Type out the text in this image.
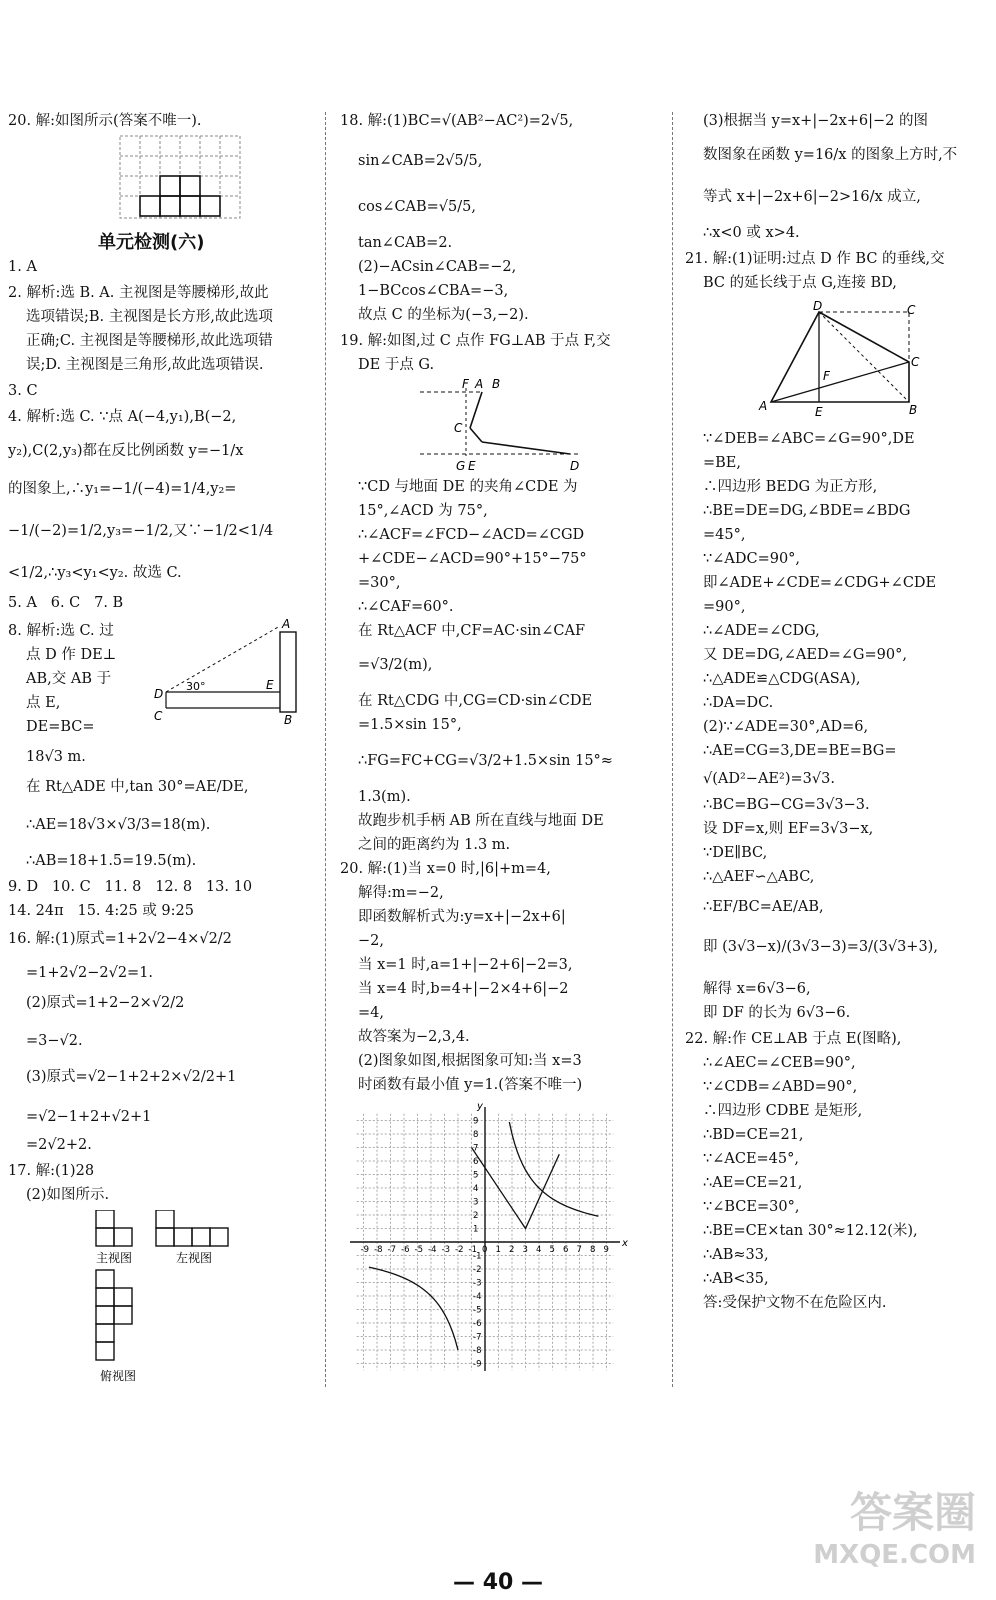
单元检测(六)
A
B
C
D
E
30°
主视图	左视图
俯视图
20. 解:如图所示(答案不唯一).
1. A
2. 解析:选 B. A. 主视图是等腰梯形,故此
选项错误;B. 主视图是长方形,故此选项
正确;C. 主视图是等腰梯形,故此选项错
误;D. 主视图是三角形,故此选项错误.
3. C
4. 解析:选 C. ∵点 A(−4,y₁),B(−2,
y₂),C(2,y₃)都在反比例函数 y=−1/x
的图象上,∴y₁=−1/(−4)=1/4,y₂=
−1/(−2)=1/2,y₃=−1/2,又∵−1/2<1/4
<1/2,∴y₃<y₁<y₂. 故选 C.
5. A   6. C   7. B
8. 解析:选 C. 过
点 D 作 DE⊥
AB,交 AB 于
点 E,
DE=BC=
18√3 m.
在 Rt△ADE 中,tan 30°=AE/DE,
∴AE=18√3×√3/3=18(m).
∴AB=18+1.5=19.5(m).
9. D   10. C   11. 8   12. 8   13. 10
14. 24π   15. 4:25 或 9:25
16. 解:(1)原式=1+2√2−4×√2/2
=1+2√2−2√2=1.
(2)原式=1+2−2×√2/2
=3−√2.
(3)原式=√2−1+2+2×√2/2+1
=√2−1+2+√2+1
=2√2+2.
17. 解:(1)28
(2)如图所示.
F A B
C
G E	D
x
y
-9 -8 -7 -6 -5 -4 -3 -2 -1 0 1 2 3 4 5 6 7 8 9
9
8
7
6
5
4
3
2
1
-1
-2
-3
-4
-5
-6
-7
-8
-9
18. 解:(1)BC=√(AB²−AC²)=2√5,
sin∠CAB=2√5/5,
cos∠CAB=√5/5,
tan∠CAB=2.
(2)−ACsin∠CAB=−2,
1−BCcos∠CBA=−3,
故点 C 的坐标为(−3,−2).
19. 解:如图,过 C 点作 FG⊥AB 于点 F,交
DE 于点 G.
∵CD 与地面 DE 的夹角∠CDE 为
15°,∠ACD 为 75°,
∴∠ACF=∠FCD−∠ACD=∠CGD
+∠CDE−∠ACD=90°+15°−75°
=30°,
∴∠CAF=60°.
在 Rt△ACF 中,CF=AC·sin∠CAF
=√3/2(m),
在 Rt△CDG 中,CG=CD·sin∠CDE
=1.5×sin 15°,
∴FG=FC+CG=√3/2+1.5×sin 15°≈
1.3(m).
故跑步机手柄 AB 所在直线与地面 DE
之间的距离约为 1.3 m.
20. 解:(1)当 x=0 时,|6|+m=4,
解得:m=−2,
即函数解析式为:y=x+|−2x+6|
−2,
当 x=1 时,a=1+|−2+6|−2=3,
当 x=4 时,b=4+|−2×4+6|−2
=4,
故答案为−2,3,4.
(2)图象如图,根据图象可知:当 x=3
时函数有最小值 y=1.(答案不唯一)
D	C
C
F
A	E	B
(3)根据当 y=x+|−2x+6|−2 的图
数图象在函数 y=16/x 的图象上方时,不
等式 x+|−2x+6|−2>16/x 成立,
∴x<0 或 x>4.
21. 解:(1)证明:过点 D 作 BC 的垂线,交
BC 的延长线于点 G,连接 BD,
∵∠DEB=∠ABC=∠G=90°,DE
=BE,
∴四边形 BEDG 为正方形,
∴BE=DE=DG,∠BDE=∠BDG
=45°,
∵∠ADC=90°,
即∠ADE+∠CDE=∠CDG+∠CDE
=90°,
∴∠ADE=∠CDG,
又 DE=DG,∠AED=∠G=90°,
∴△ADE≌△CDG(ASA),
∴DA=DC.
(2)∵∠ADE=30°,AD=6,
∴AE=CG=3,DE=BE=BG=
√(AD²−AE²)=3√3.
∴BC=BG−CG=3√3−3.
设 DF=x,则 EF=3√3−x,
∵DE∥BC,
∴△AEF∽△ABC,
∴EF/BC=AE/AB,
即 (3√3−x)/(3√3−3)=3/(3√3+3),
解得 x=6√3−6,
即 DF 的长为 6√3−6.
22. 解:作 CE⊥AB 于点 E(图略),
∴∠AEC=∠CEB=90°,
∵∠CDB=∠ABD=90°,
∴四边形 CDBE 是矩形,
∴BD=CE=21,
∵∠ACE=45°,
∴AE=CE=21,
∵∠BCE=30°,
∴BE=CE×tan 30°≈12.12(米),
∴AB≈33,
∴AB<35,
答:受保护文物不在危险区内.
— 40 —
答案圈
MXQE.COM
